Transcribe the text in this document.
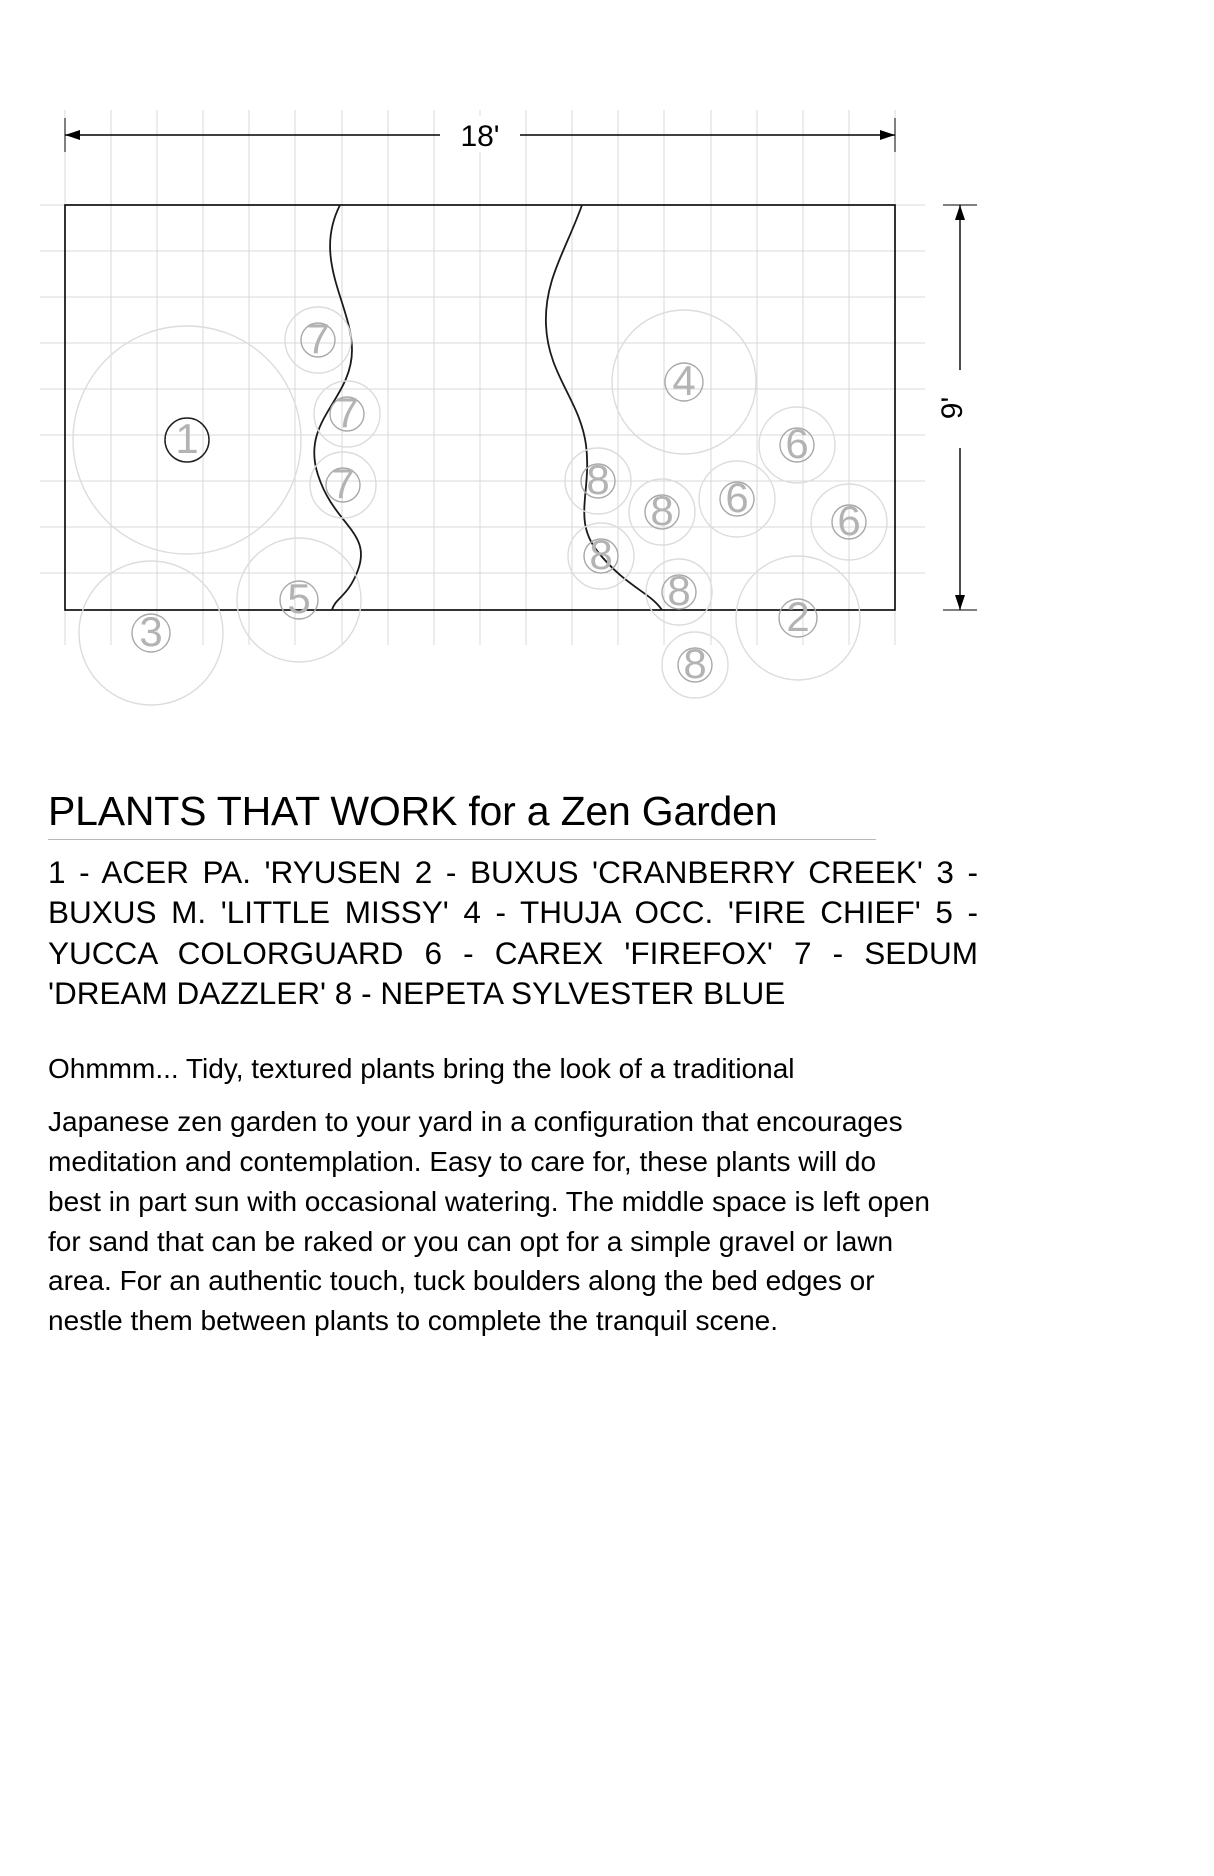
18'
9'
1
7
7
7
5
3
4
8
8
8
8
8
6
6 6
2
PLANTS THAT WORK for a Zen Garden
1 - ACER PA. 'RYUSEN 2 - BUXUS 'CRANBERRY CREEK' 3 - BUXUS M. 'LITTLE MISSY' 4 - THUJA OCC. 'FIRE CHIEF' 5 - YUCCA COLORGUARD 6 - CAREX 'FIREFOX' 7 - SEDUM 'DREAM DAZZLER' 8 - NEPETA SYLVESTER BLUE
Ohmmm... Tidy, textured plants bring the look of a traditional
Japanese zen garden to your yard in a configuration that encourages meditation and contemplation. Easy to care for, these plants will do best in part sun with occasional watering. The middle space is left open for sand that can be raked or you can opt for a simple gravel or lawn area. For an authentic touch, tuck boulders along the bed edges or nestle them between plants to complete the tranquil scene.
